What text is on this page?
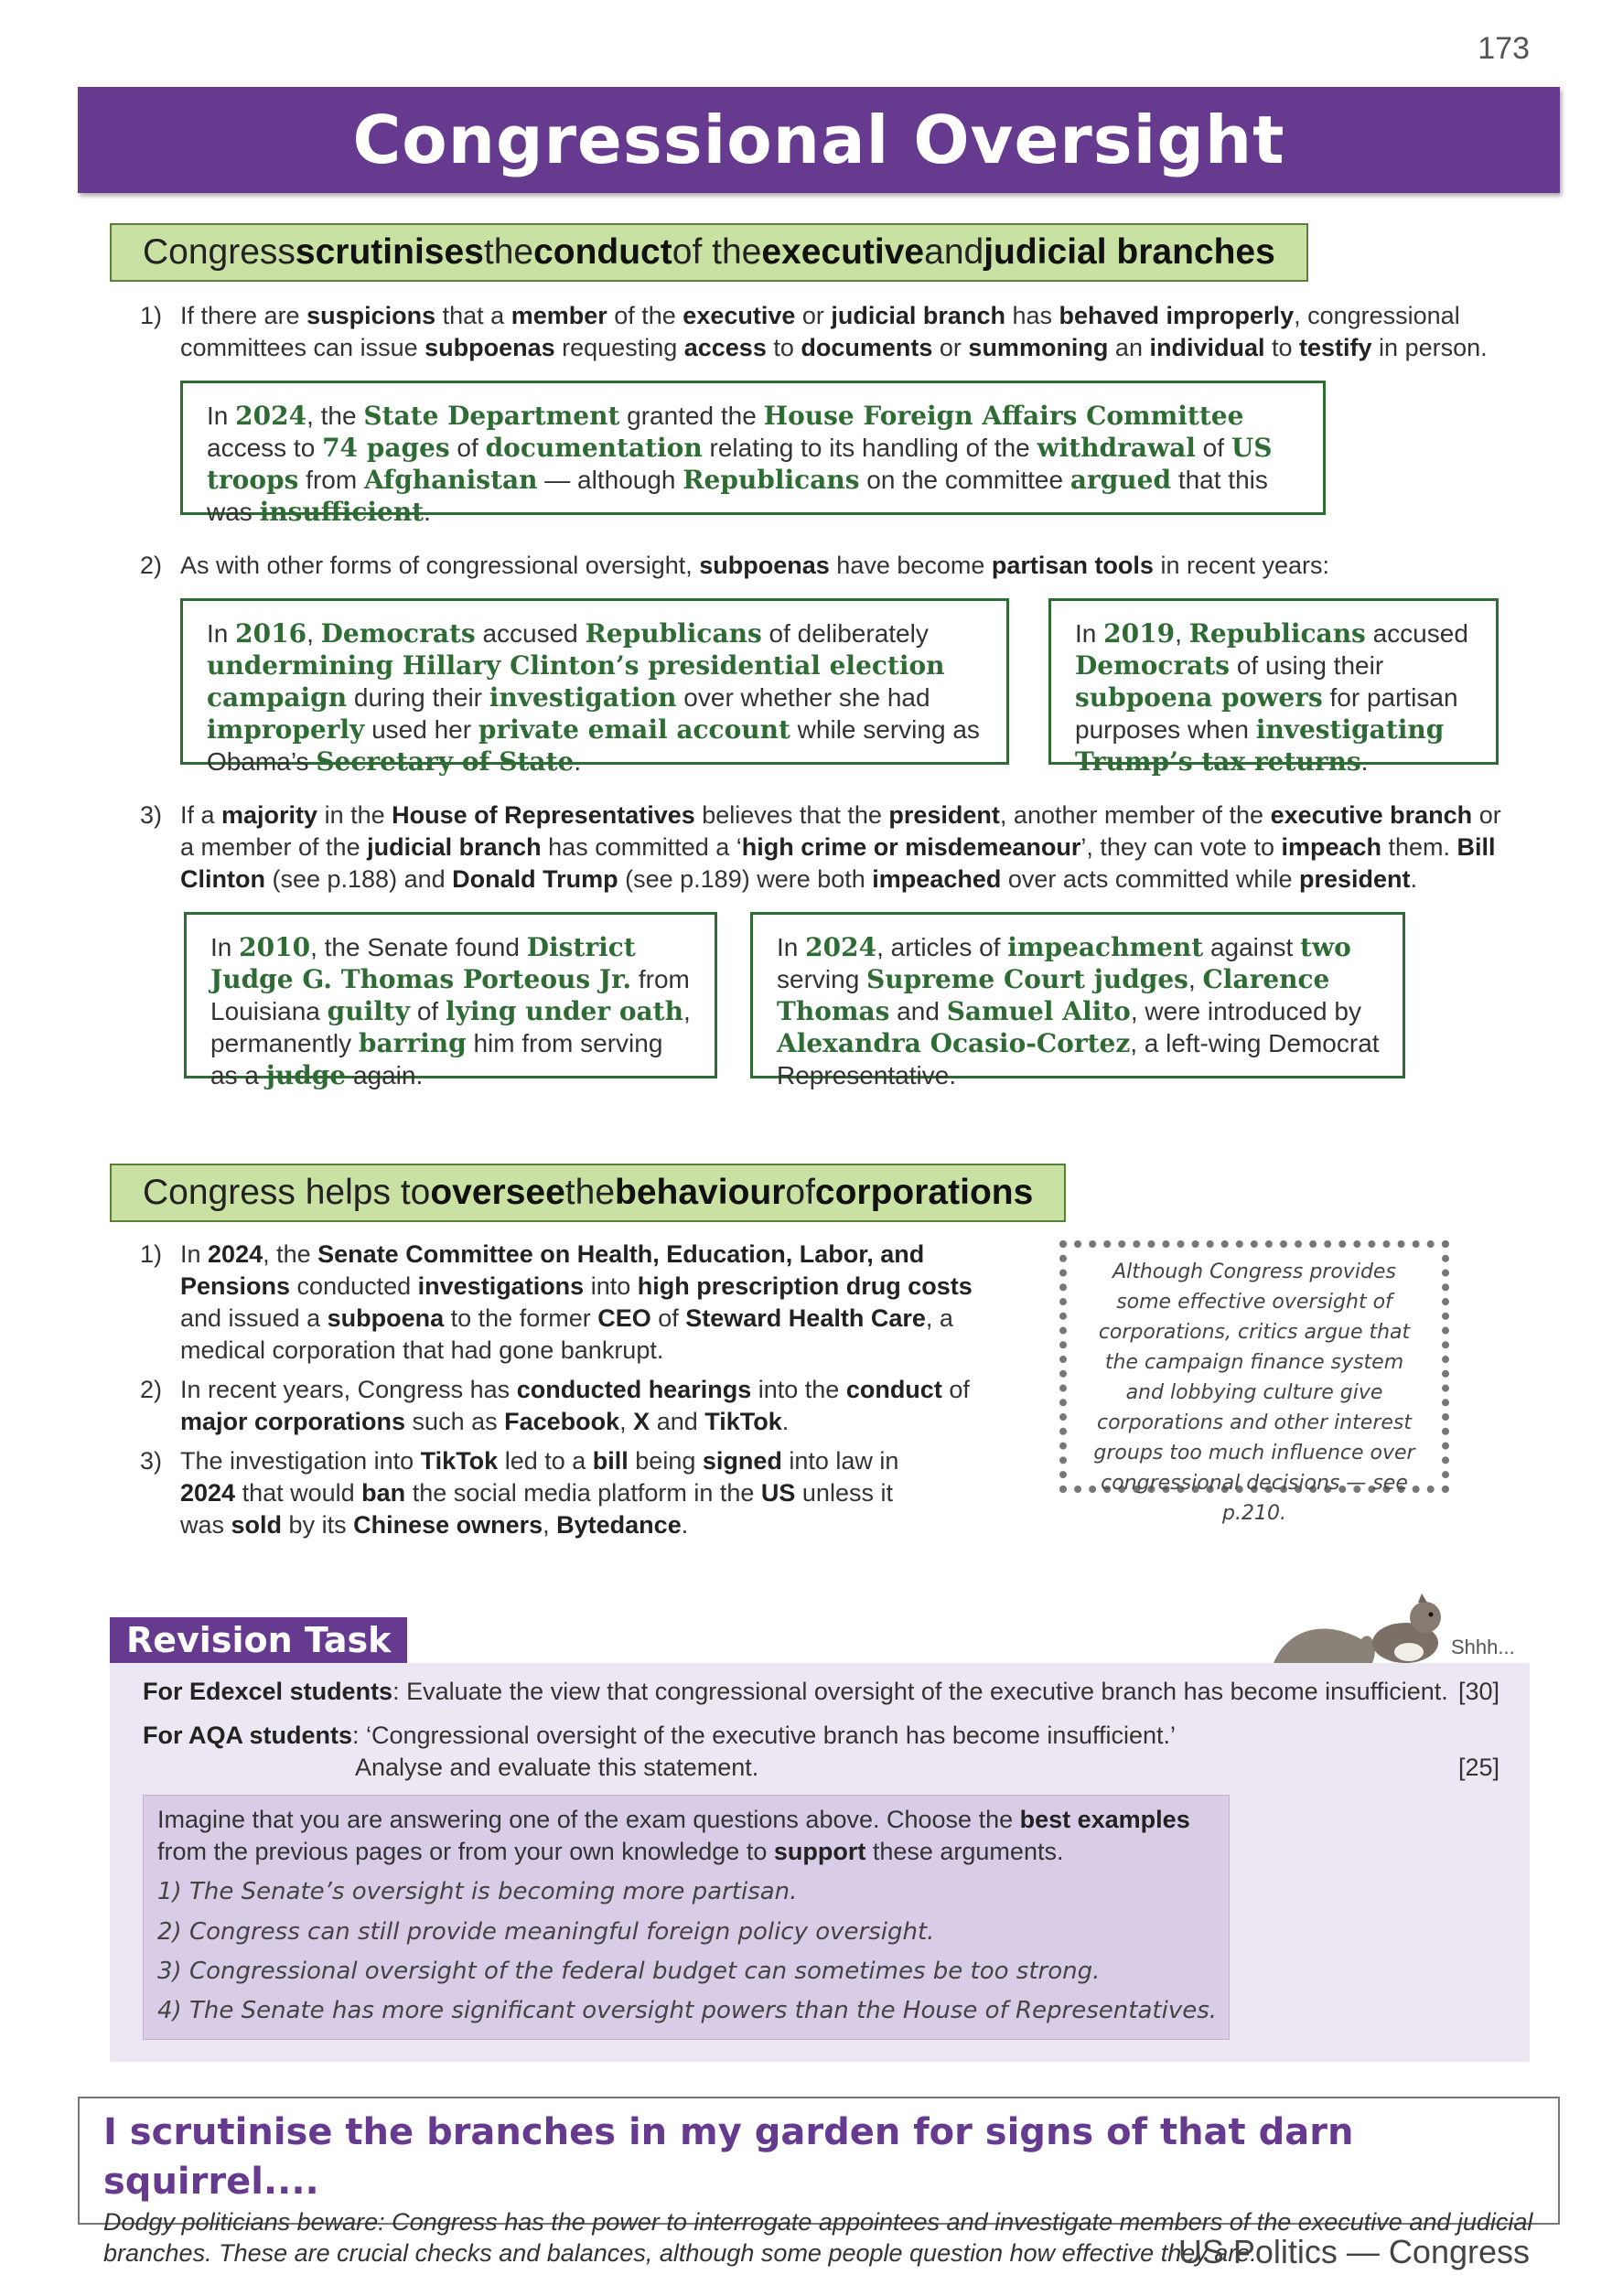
173
Congressional Oversight
Congress scrutinises the conduct of the executive and judicial branches
1) If there are suspicions that a member of the executive or judicial branch has behaved improperly, congressional committees can issue subpoenas requesting access to documents or summoning an individual to testify in person.
In 2024, the State Department granted the House Foreign Affairs Committee access to 74 pages of documentation relating to its handling of the withdrawal of US troops from Afghanistan — although Republicans on the committee argued that this was insufficient.
2) As with other forms of congressional oversight, subpoenas have become partisan tools in recent years:
In 2016, Democrats accused Republicans of deliberately undermining Hillary Clinton’s presidential election campaign during their investigation over whether she had improperly used her private email account while serving as Obama’s Secretary of State.
In 2019, Republicans accused Democrats of using their subpoena powers for partisan purposes when investigating Trump’s tax returns.
3) If a majority in the House of Representatives believes that the president, another member of the executive branch or a member of the judicial branch has committed a ‘high crime or misdemeanour’, they can vote to impeach them. Bill Clinton (see p.188) and Donald Trump (see p.189) were both impeached over acts committed while president.
In 2010, the Senate found District Judge G. Thomas Porteous Jr. from Louisiana guilty of lying under oath, permanently barring him from serving as a judge again.
In 2024, articles of impeachment against two serving Supreme Court judges, Clarence Thomas and Samuel Alito, were introduced by Alexandra Ocasio-Cortez, a left-wing Democrat Representative.
Congress helps to oversee the behaviour of corporations
1) In 2024, the Senate Committee on Health, Education, Labor, and Pensions conducted investigations into high prescription drug costs and issued a subpoena to the former CEO of Steward Health Care, a medical corporation that had gone bankrupt.
2) In recent years, Congress has conducted hearings into the conduct of major corporations such as Facebook, X and TikTok.
3) The investigation into TikTok led to a bill being signed into law in 2024 that would ban the social media platform in the US unless it was sold by its Chinese owners, Bytedance.
Although Congress provides some effective oversight of corporations, critics argue that the campaign finance system and lobbying culture give corporations and other interest groups too much influence over congressional decisions — see p.210.
Revision Task	Shhh...
For Edexcel students: Evaluate the view that congressional oversight of the executive branch has become insufficient. [30]
For AQA students: ‘Congressional oversight of the executive branch has become insufficient.’
Analyse and evaluate this statement.	[25]
Imagine that you are answering one of the exam questions above. Choose the best examples from the previous pages or from your own knowledge to support these arguments.
1) The Senate’s oversight is becoming more partisan.
2) Congress can still provide meaningful foreign policy oversight.
3) Congressional oversight of the federal budget can sometimes be too strong.
4) The Senate has more significant oversight powers than the House of Representatives.
I scrutinise the branches in my garden for signs of that darn squirrel....

Dodgy politicians beware: Congress has the power to interrogate appointees and investigate members of the executive and judicial branches. These are crucial checks and balances, although some people question how effective they are.

US Politics — Congress
